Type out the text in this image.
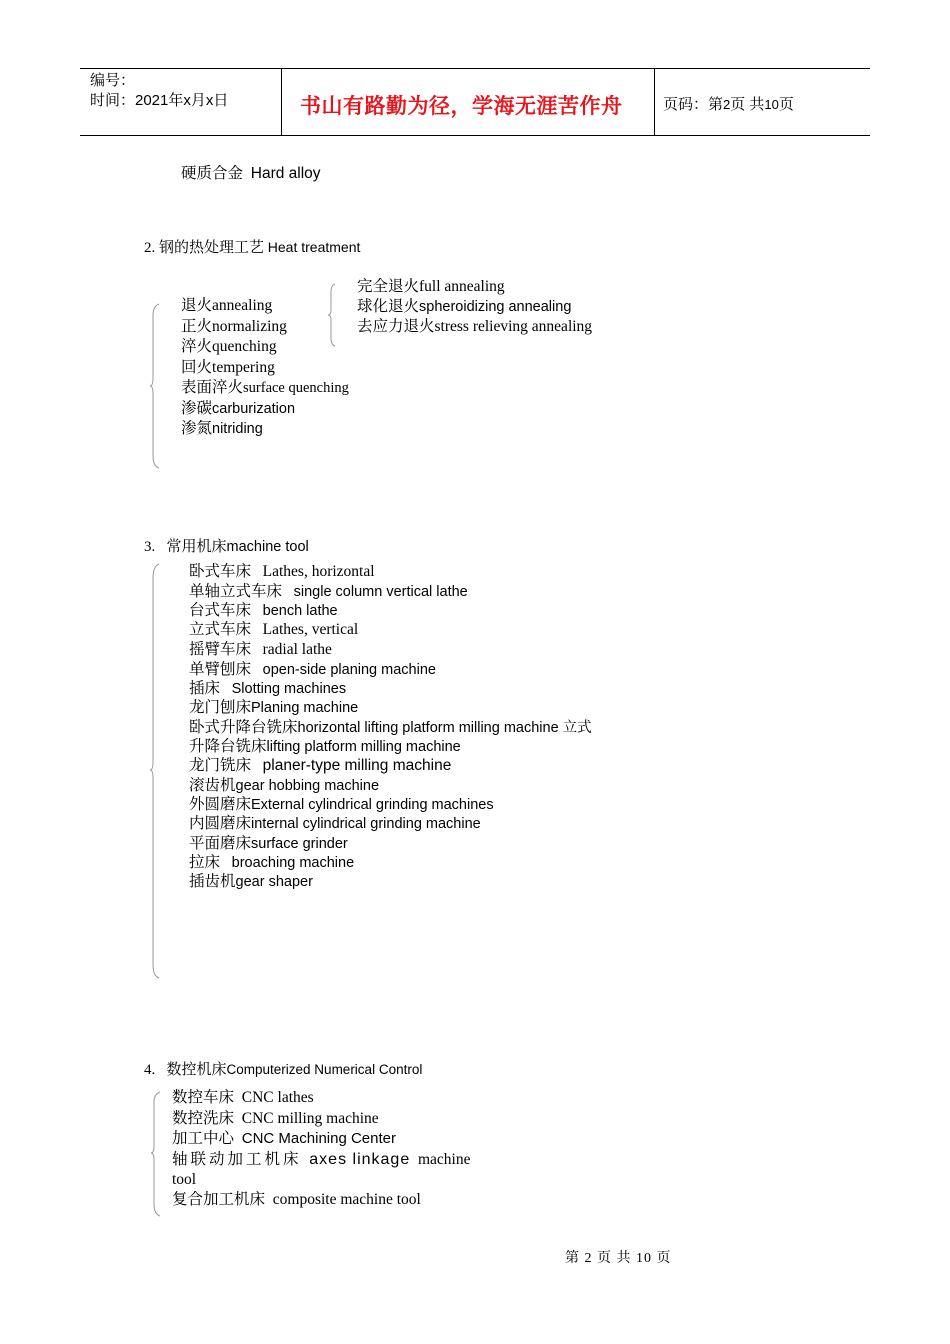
编号：
时间：2021年x月x日	书山有路勤为径，学海无涯苦作舟	页码：第2页 共10页
硬质合金 Hard alloy
2. 钢的热处理工艺 Heat treatment
退火annealing
正火normalizing
淬火quenching
回火tempering
表面淬火surface quenching
渗碳carburization
渗氮nitriding
完全退火full annealing
球化退火spheroidizing annealing
去应力退火stress relieving annealing
3. 常用机床machine tool
卧式车床 Lathes, horizontal
单轴立式车床 single column vertical lathe
台式车床 bench lathe
立式车床 Lathes, vertical
摇臂车床 radial lathe
单臂刨床 open-side planing machine
插床 Slotting machines
龙门刨床Planing machine
卧式升降台铣床horizontal lifting platform milling machine 立式
升降台铣床lifting platform milling machine
龙门铣床 planer-type milling machine
滚齿机gear hobbing machine
外圆磨床External cylindrical grinding machines
内圆磨床internal cylindrical grinding machine
平面磨床surface grinder
拉床 broaching machine
插齿机gear shaper
4. 数控机床Computerized Numerical Control
数控车床 CNC lathes
数控洗床 CNC milling machine
加工中心 CNC Machining Center
轴联动加工机床 axes linkage machine
tool
复合加工机床 composite machine tool
第 2 页 共 10 页
